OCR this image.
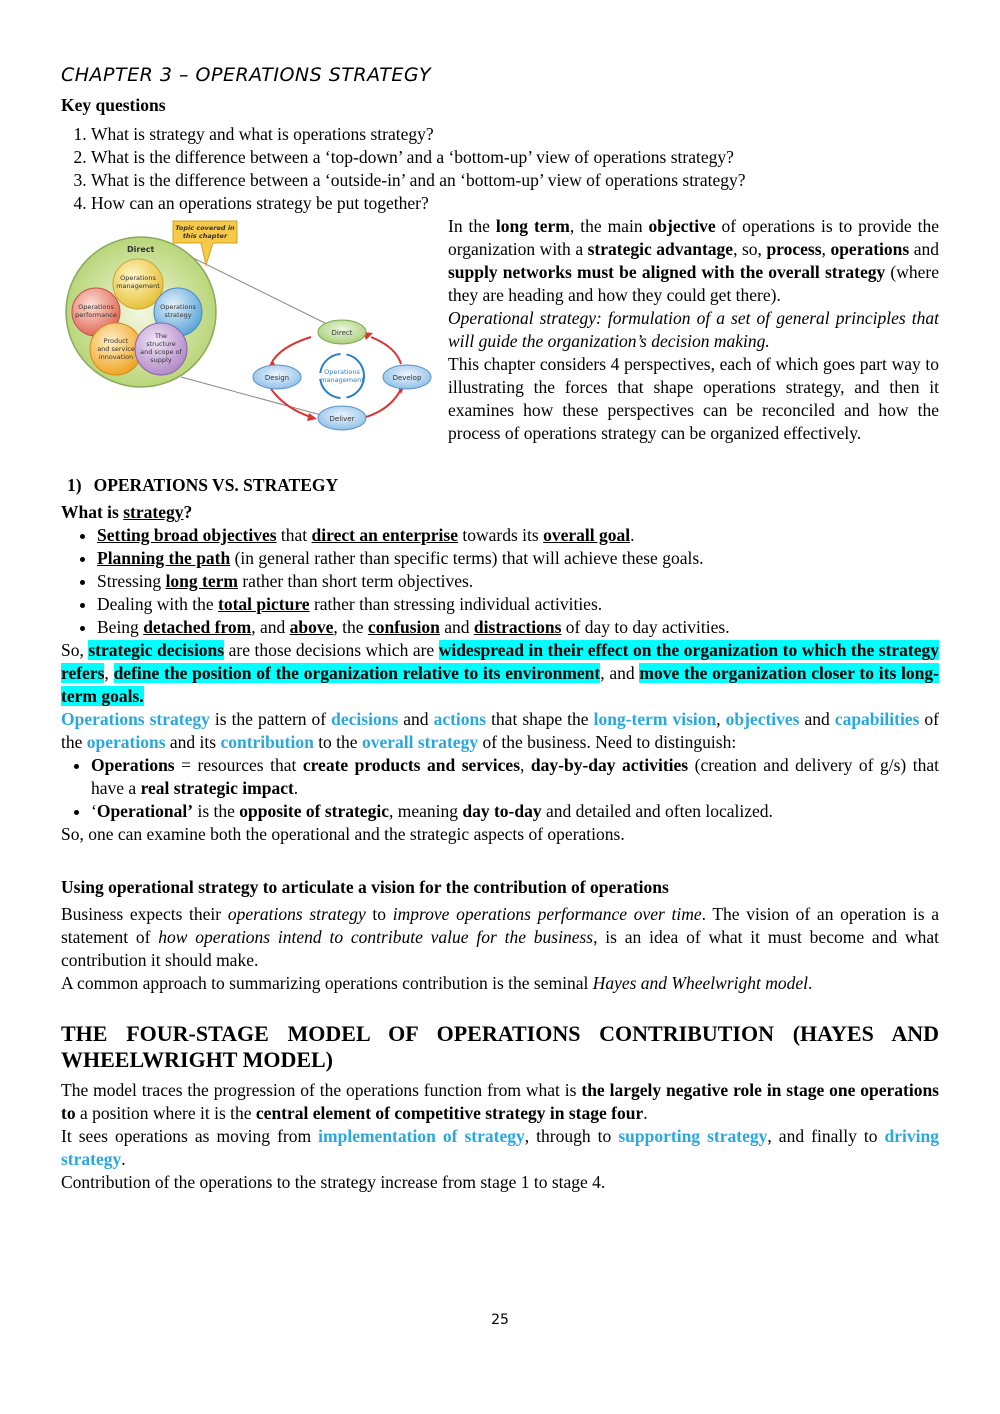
CHAPTER 3 – OPERATIONS STRATEGY
Key questions
1. What is strategy and what is operations strategy?
2. What is the difference between a ‘top-down’ and a ‘bottom-up’ view of operations strategy?
3. What is the difference between a ‘outside-in’ and an ‘bottom-up’ view of operations strategy?
4. How can an operations strategy be put together?
Direct
Operations
management
Operations
performance
Operations
strategy
Product
and service
innovation
The
structure
and scope of
supply
Topic covered in
this chapter
Operations
management
Direct
Design	Develop
Deliver

In the long term, the main objective of operations is to provide the organization with a strategic advantage, so, process, operations and supply networks must be aligned with the overall strategy (where they are heading and how they could get there).

Operational strategy: formulation of a set of general principles that will guide the organization’s decision making.

This chapter considers 4 perspectives, each of which goes part way to illustrating the forces that shape operations strategy, and then it examines how these perspectives can be reconciled and how the process of operations strategy can be organized effectively.

1) OPERATIONS VS. STRATEGY
What is strategy?
• Setting broad objectives that direct an enterprise towards its overall goal.
• Planning the path (in general rather than specific terms) that will achieve these goals.
• Stressing long term rather than short term objectives.
• Dealing with the total picture rather than stressing individual activities.
• Being detached from, and above, the confusion and distractions of day to day activities.

So, strategic decisions are those decisions which are widespread in their effect on the organization to which the strategy refers, define the position of the organization relative to its environment, and move the organization closer to its long-term goals.

Operations strategy is the pattern of decisions and actions that shape the long-term vision, objectives and capabilities of the operations and its contribution to the overall strategy of the business. Need to distinguish:

• Operations = resources that create products and services, day-by-day activities (creation and delivery of g/s) that have a real strategic impact.
• ‘Operational’ is the opposite of strategic, meaning day to-day and detailed and often localized.

So, one can examine both the operational and the strategic aspects of operations.

Using operational strategy to articulate a vision for the contribution of operations

Business expects their operations strategy to improve operations performance over time. The vision of an operation is a statement of how operations intend to contribute value for the business, is an idea of what it must become and what contribution it should make.

A common approach to summarizing operations contribution is the seminal Hayes and Wheelwright model.

THE FOUR-STAGE MODEL OF OPERATIONS CONTRIBUTION (HAYES AND WHEELWRIGHT MODEL)

The model traces the progression of the operations function from what is the largely negative role in stage one operations to a position where it is the central element of competitive strategy in stage four.

It sees operations as moving from implementation of strategy, through to supporting strategy, and finally to driving strategy.

Contribution of the operations to the strategy increase from stage 1 to stage 4.

25
